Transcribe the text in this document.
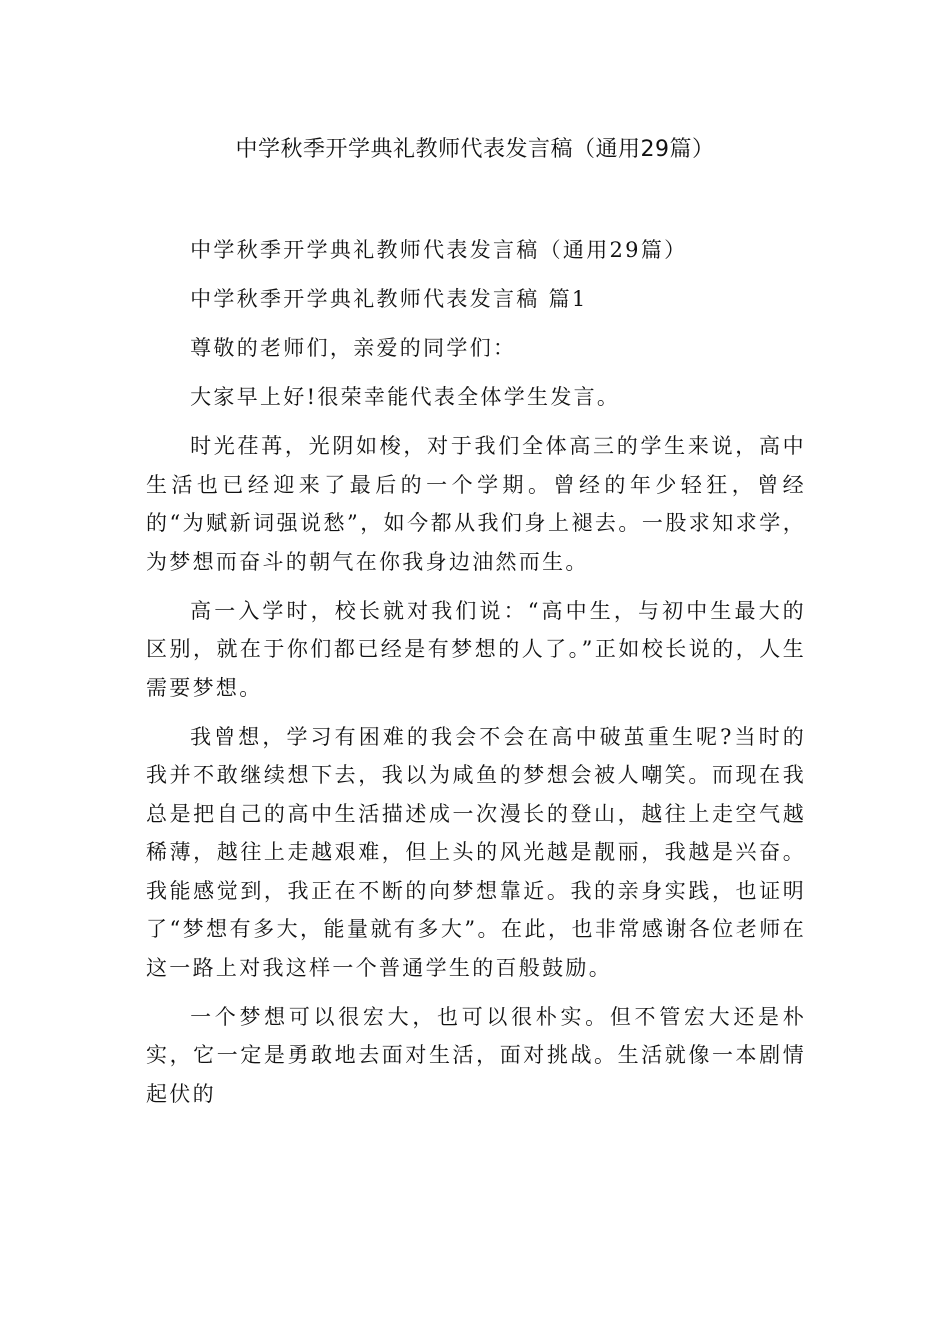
中学秋季开学典礼教师代表发言稿（通用29篇）

中学秋季开学典礼教师代表发言稿（通用29篇）

中学秋季开学典礼教师代表发言稿 篇1

尊敬的老师们，亲爱的同学们：

大家早上好!很荣幸能代表全体学生发言。

时光荏苒，光阴如梭，对于我们全体高三的学生来说，高中生活也已经迎来了最后的一个学期。曾经的年少轻狂，曾经的“为赋新词强说愁”，如今都从我们身上褪去。一股求知求学，为梦想而奋斗的朝气在你我身边油然而生。

高一入学时，校长就对我们说：“高中生，与初中生最大的区别，就在于你们都已经是有梦想的人了。”正如校长说的，人生需要梦想。

我曾想，学习有困难的我会不会在高中破茧重生呢?当时的我并不敢继续想下去，我以为咸鱼的梦想会被人嘲笑。而现在我总是把自己的高中生活描述成一次漫长的登山，越往上走空气越稀薄，越往上走越艰难，但上头的风光越是靓丽，我越是兴奋。我能感觉到，我正在不断的向梦想靠近。我的亲身实践，也证明了“梦想有多大，能量就有多大”。在此，也非常感谢各位老师在这一路上对我这样一个普通学生的百般鼓励。

一个梦想可以很宏大，也可以很朴实。但不管宏大还是朴实，它一定是勇敢地去面对生活，面对挑战。生活就像一本剧情起伏的
